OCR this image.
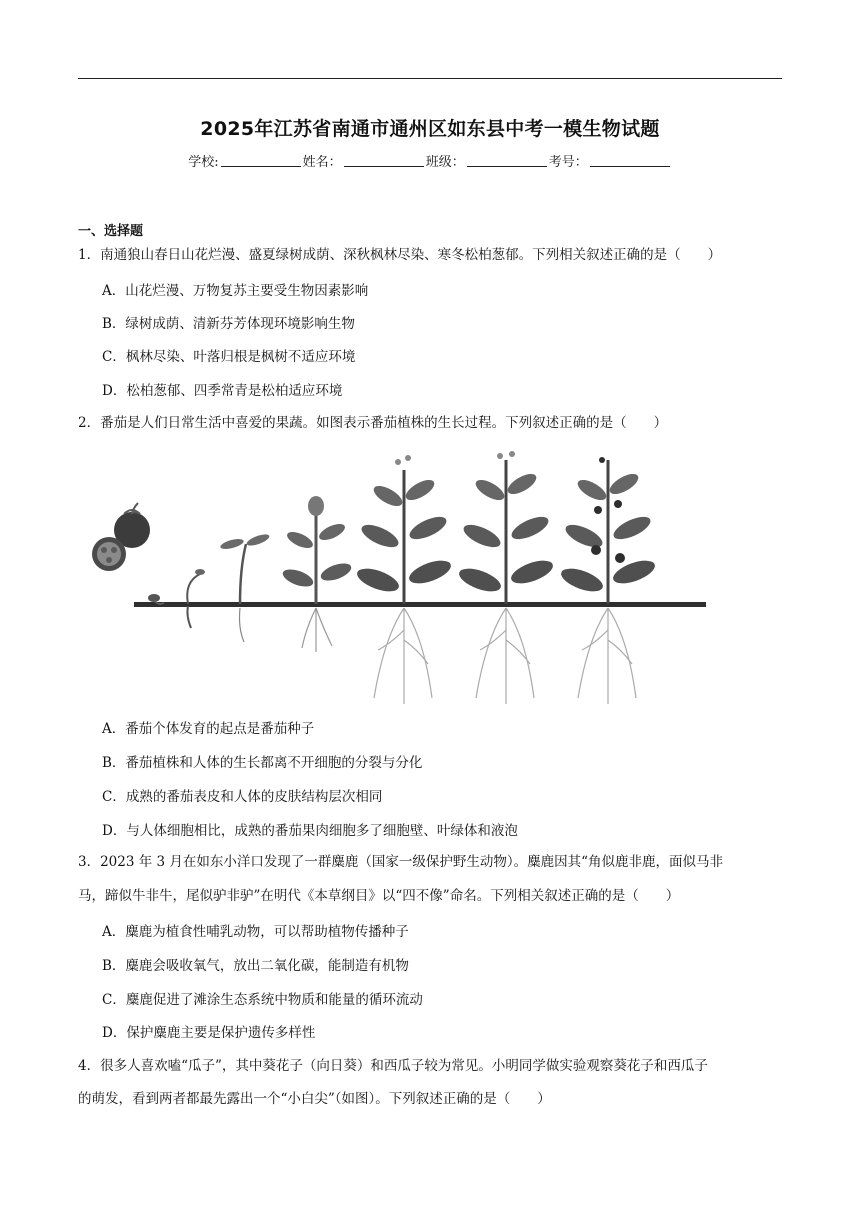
2025年江苏省南通市通州区如东县中考一模生物试题
学校:	姓名：	班级：	考号：
一、选择题
1．南通狼山春日山花烂漫、盛夏绿树成荫、深秋枫林尽染、寒冬松柏葱郁。下列相关叙述正确的是（　　）
A．山花烂漫、万物复苏主要受生物因素影响
B．绿树成荫、清新芬芳体现环境影响生物
C．枫林尽染、叶落归根是枫树不适应环境
D．松柏葱郁、四季常青是松柏适应环境
2．番茄是人们日常生活中喜爱的果蔬。如图表示番茄植株的生长过程。下列叙述正确的是（　　）
A．番茄个体发育的起点是番茄种子
B．番茄植株和人体的生长都离不开细胞的分裂与分化
C．成熟的番茄表皮和人体的皮肤结构层次相同
D．与人体细胞相比，成熟的番茄果肉细胞多了细胞壁、叶绿体和液泡
3．2023 年 3 月在如东小洋口发现了一群麋鹿（国家一级保护野生动物）。麋鹿因其“角似鹿非鹿，面似马非
马，蹄似牛非牛，尾似驴非驴”在明代《本草纲目》以“四不像”命名。下列相关叙述正确的是（　　）
A．麋鹿为植食性哺乳动物，可以帮助植物传播种子
B．麋鹿会吸收氧气，放出二氧化碳，能制造有机物
C．麋鹿促进了滩涂生态系统中物质和能量的循环流动
D．保护麋鹿主要是保护遗传多样性
4．很多人喜欢嗑“瓜子”，其中葵花子（向日葵）和西瓜子较为常见。小明同学做实验观察葵花子和西瓜子
的萌发，看到两者都最先露出一个“小白尖”（如图）。下列叙述正确的是（　　）
